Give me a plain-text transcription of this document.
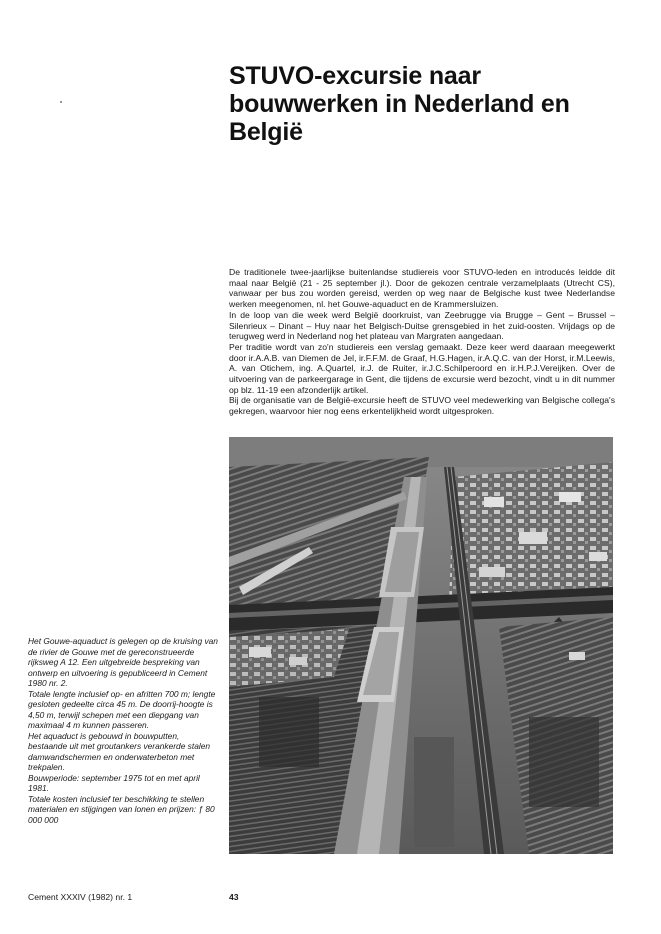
STUVO-excursie naar
bouwwerken in Nederland en
België

De traditionele twee-jaarlijkse buitenlandse studiereis voor STUVO-leden en introducés leidde dit maal naar België (21 - 25 september jl.). Door de gekozen centrale verzamelplaats (Utrecht CS), vanwaar per bus zou worden gereisd, werden op weg naar de Belgische kust twee Nederlandse werken meegenomen, nl. het Gouwe-aquaduct en de Krammersluizen.

In de loop van die week werd België doorkruist, van Zeebrugge via Brugge – Gent – Brussel – Silenrieux – Dinant – Huy naar het Belgisch-Duitse grensgebied in het zuid-oosten. Vrijdags op de terugweg werd in Nederland nog het plateau van Margraten aangedaan.

Per traditie wordt van zo'n studiereis een verslag gemaakt. Deze keer werd daaraan meegewerkt door ir.A.A.B. van Diemen de Jel, ir.F.F.M. de Graaf, H.G.Hagen, ir.A.Q.C. van der Horst, ir.M.Leewis, A. van Otichem, ing. A.Quartel, ir.J. de Ruiter, ir.J.C.Schilperoord en ir.H.P.J.Vereijken. Over de uitvoering van de parkeergarage in Gent, die tijdens de excursie werd bezocht, vindt u in dit nummer op blz. 11-19 een afzonderlijk artikel.

Bij de organisatie van de België-excursie heeft de STUVO veel medewerking van Belgische collega's gekregen, waarvoor hier nog eens erkentelijkheid wordt uitgesproken.

Het Gouwe-aquaduct is gelegen op de kruising van de rivier de Gouwe met de gereconstrueerde rijksweg A 12. Een uitgebreide bespreking van ontwerp en uitvoering is gepubliceerd in Cement 1980 nr. 2.

Totale lengte inclusief op- en afritten 700 m; lengte gesloten gedeelte circa 45 m. De doorrij-hoogte is 4,50 m, terwijl schepen met een diepgang van maximaal 4 m kunnen passeren.

Het aquaduct is gebouwd in bouwputten, bestaande uit met groutankers verankerde stalen damwandschermen en onderwaterbeton met trekpalen.

Bouwperiode: september 1975 tot en met april 1981.

Totale kosten inclusief ter beschikking te stellen materialen en stijgingen van lonen en prijzen: ƒ 80 000 000

Cement XXXIV (1982) nr. 1	43
